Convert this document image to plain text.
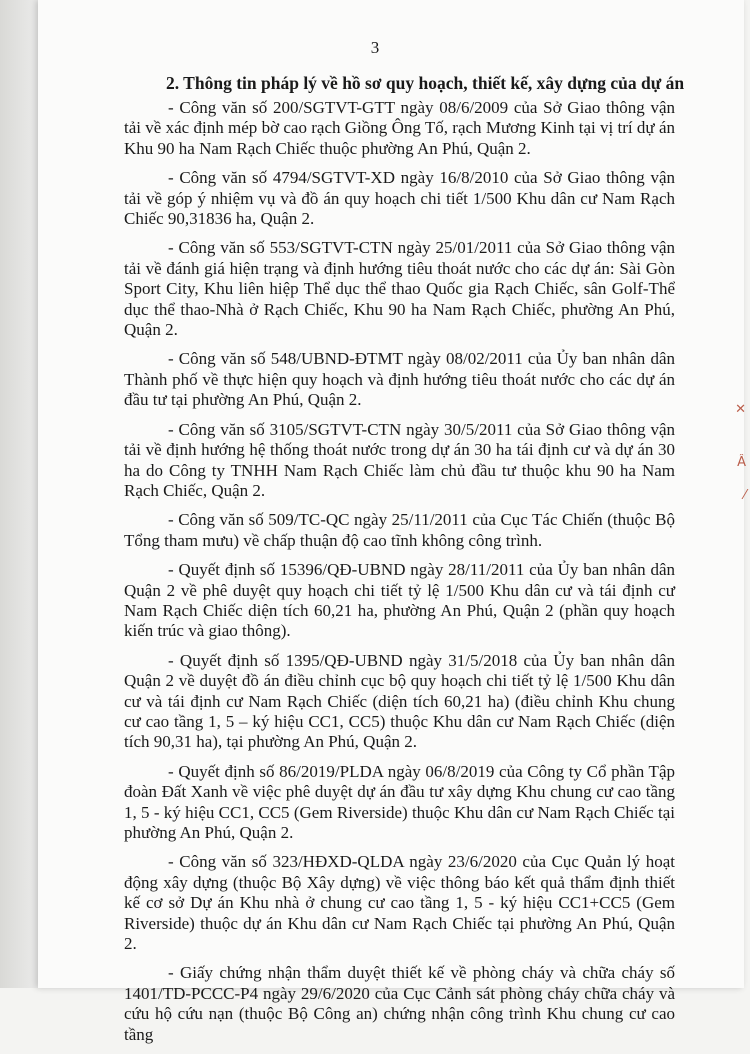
3
2. Thông tin pháp lý về hồ sơ quy hoạch, thiết kế, xây dựng của dự án

- Công văn số 200/SGTVT-GTT ngày 08/6/2009 của Sở Giao thông vận tải về xác định mép bờ cao rạch Giồng Ông Tố, rạch Mương Kinh tại vị trí dự án Khu 90 ha Nam Rạch Chiếc thuộc phường An Phú, Quận 2.

- Công văn số 4794/SGTVT-XD ngày 16/8/2010 của Sở Giao thông vận tải về góp ý nhiệm vụ và đồ án quy hoạch chi tiết 1/500 Khu dân cư Nam Rạch Chiếc 90,31836 ha, Quận 2.

- Công văn số 553/SGTVT-CTN ngày 25/01/2011 của Sở Giao thông vận tải về đánh giá hiện trạng và định hướng tiêu thoát nước cho các dự án: Sài Gòn Sport City, Khu liên hiệp Thể dục thể thao Quốc gia Rạch Chiếc, sân Golf-Thể dục thể thao-Nhà ở Rạch Chiếc, Khu 90 ha Nam Rạch Chiếc, phường An Phú, Quận 2.

- Công văn số 548/UBND-ĐTMT ngày 08/02/2011 của Ủy ban nhân dân Thành phố về thực hiện quy hoạch và định hướng tiêu thoát nước cho các dự án đầu tư tại phường An Phú, Quận 2.

- Công văn số 3105/SGTVT-CTN ngày 30/5/2011 của Sở Giao thông vận tải về định hướng hệ thống thoát nước trong dự án 30 ha tái định cư và dự án 30 ha do Công ty TNHH Nam Rạch Chiếc làm chủ đầu tư thuộc khu 90 ha Nam Rạch Chiếc, Quận 2.

- Công văn số 509/TC-QC ngày 25/11/2011 của Cục Tác Chiến (thuộc Bộ Tổng tham mưu) về chấp thuận độ cao tĩnh không công trình.

- Quyết định số 15396/QĐ-UBND ngày 28/11/2011 của Ủy ban nhân dân Quận 2 về phê duyệt quy hoạch chi tiết tỷ lệ 1/500 Khu dân cư và tái định cư Nam Rạch Chiếc diện tích 60,21 ha, phường An Phú, Quận 2 (phần quy hoạch kiến trúc và giao thông).

- Quyết định số 1395/QĐ-UBND ngày 31/5/2018 của Ủy ban nhân dân Quận 2 về duyệt đồ án điều chỉnh cục bộ quy hoạch chi tiết tỷ lệ 1/500 Khu dân cư và tái định cư Nam Rạch Chiếc (diện tích 60,21 ha) (điều chỉnh Khu chung cư cao tầng 1, 5 – ký hiệu CC1, CC5) thuộc Khu dân cư Nam Rạch Chiếc (diện tích 90,31 ha), tại phường An Phú, Quận 2.

- Quyết định số 86/2019/PLDA ngày 06/8/2019 của Công ty Cổ phần Tập đoàn Đất Xanh về việc phê duyệt dự án đầu tư xây dựng Khu chung cư cao tầng 1, 5 - ký hiệu CC1, CC5 (Gem Riverside) thuộc Khu dân cư Nam Rạch Chiếc tại phường An Phú, Quận 2.

- Công văn số 323/HĐXD-QLDA ngày 23/6/2020 của Cục Quản lý hoạt động xây dựng (thuộc Bộ Xây dựng) về việc thông báo kết quả thẩm định thiết kế cơ sở Dự án Khu nhà ở chung cư cao tầng 1, 5 - ký hiệu CC1+CC5 (Gem Riverside) thuộc dự án Khu dân cư Nam Rạch Chiếc tại phường An Phú, Quận 2.

- Giấy chứng nhận thẩm duyệt thiết kế về phòng cháy và chữa cháy số 1401/TD-PCCC-P4 ngày 29/6/2020 của Cục Cảnh sát phòng cháy chữa cháy và cứu hộ cứu nạn (thuộc Bộ Công an) chứng nhận công trình Khu chung cư cao tầng

✕
Â
⁄
